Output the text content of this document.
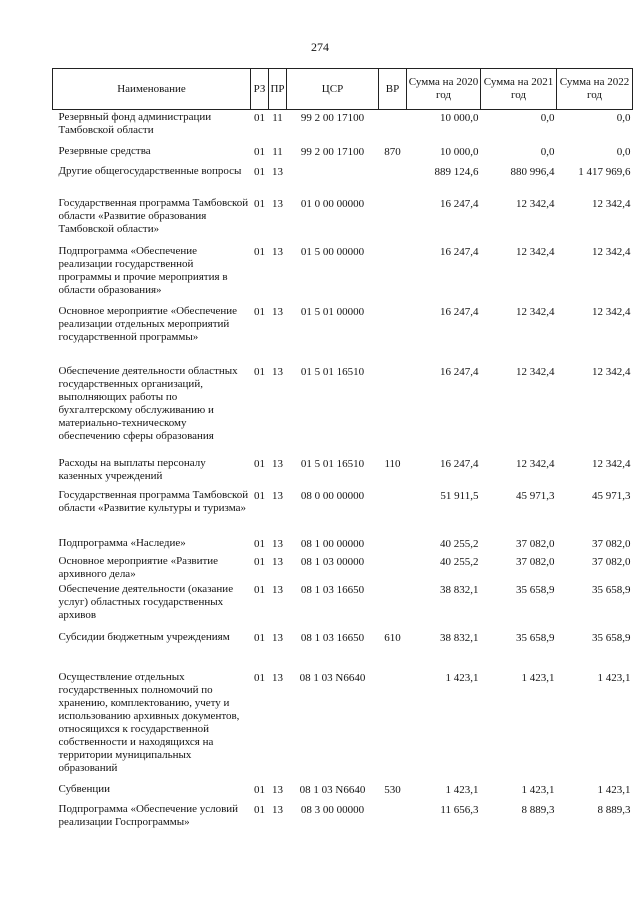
274
Наименование	РЗ	ПР	ЦСР	ВР	Сумма на 2020 год	Сумма на 2021 год	Сумма на 2022 год
Резервный фонд администрации Тамбовской области	01	11	99 2 00 17100		10 000,0	0,0	0,0
Резервные средства	01	11	99 2 00 17100	870	10 000,0	0,0	0,0
Другие общегосударственные вопросы	01	13			889 124,6	880 996,4	1 417 969,6
Государственная программа Тамбовской области «Развитие образования Тамбовской области»	01	13	01 0 00 00000		16 247,4	12 342,4	12 342,4
Подпрограмма «Обеспечение реализации государственной программы и прочие мероприятия в области образования»	01	13	01 5 00 00000		16 247,4	12 342,4	12 342,4
Основное мероприятие «Обеспечение реализации отдельных мероприятий государственной программы»	01	13	01 5 01 00000		16 247,4	12 342,4	12 342,4
Обеспечение деятельности областных государственных организаций, выполняющих работы по бухгалтерскому обслуживанию и материально-техническому обеспечению сферы образования	01	13	01 5 01 16510		16 247,4	12 342,4	12 342,4
Расходы на выплаты персоналу казенных учреждений	01	13	01 5 01 16510	110	16 247,4	12 342,4	12 342,4
Государственная программа Тамбовской области «Развитие культуры и туризма»	01	13	08 0 00 00000		51 911,5	45 971,3	45 971,3
Подпрограмма «Наследие»	01	13	08 1 00 00000		40 255,2	37 082,0	37 082,0
Основное мероприятие «Развитие архивного дела»	01	13	08 1 03 00000		40 255,2	37 082,0	37 082,0
Обеспечение деятельности (оказание услуг) областных государственных архивов	01	13	08 1 03 16650		38 832,1	35 658,9	35 658,9
Субсидии бюджетным учреждениям	01	13	08 1 03 16650	610	38 832,1	35 658,9	35 658,9
Осуществление отдельных государственных полномочий по хранению, комплектованию, учету и использованию архивных документов, относящихся к государственной собственности и находящихся на территории муниципальных образований	01	13	08 1 03 N6640		1 423,1	1 423,1	1 423,1
Субвенции	01	13	08 1 03 N6640	530	1 423,1	1 423,1	1 423,1
Подпрограмма «Обеспечение условий реализации Госпрограммы»	01	13	08 3 00 00000		11 656,3	8 889,3	8 889,3
